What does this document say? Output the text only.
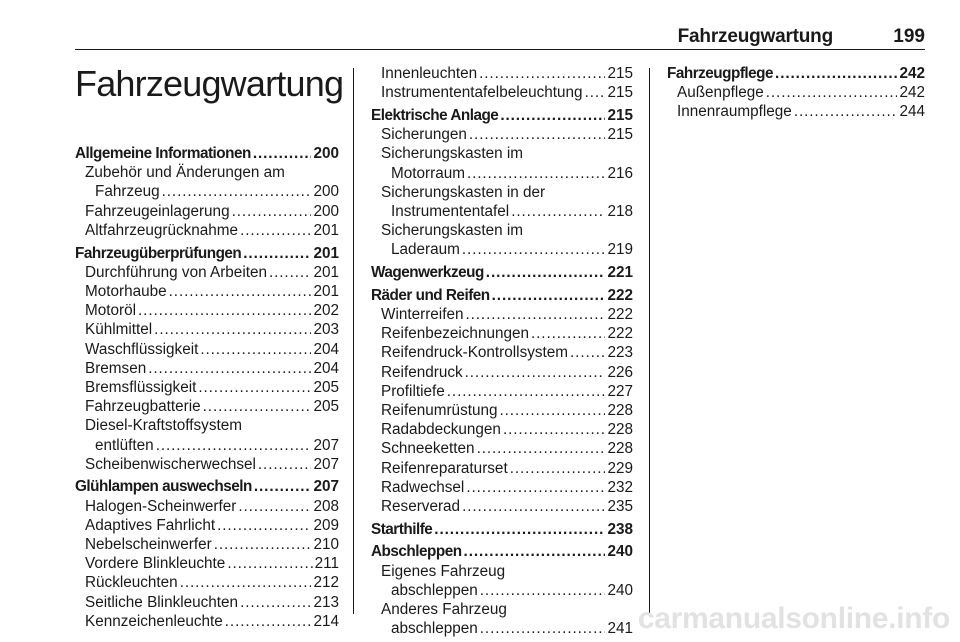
Fahrzeugwartung	199
Fahrzeugwartung
Allgemeine Informationen .....	200
Zubehör und Änderungen am
Fahrzeug .....	200
Fahrzeugeinlagerung .....	200
Altfahrzeugrücknahme .....	201
Fahrzeugüberprüfungen .....	201
Durchführung von Arbeiten .....	201
Motorhaube .....	201
Motoröl .....	202
Kühlmittel .....	203
Waschflüssigkeit .....	204
Bremsen .....	204
Bremsflüssigkeit .....	205
Fahrzeugbatterie .....	205
Diesel-Kraftstoffsystem
entlüften .....	207
Scheibenwischerwechsel .....	207
Glühlampen auswechseln .....	207
Halogen-Scheinwerfer .....	208
Adaptives Fahrlicht .....	209
Nebelscheinwerfer .....	210
Vordere Blinkleuchte .....	211
Rückleuchten .....	212
Seitliche Blinkleuchten .....	213
Kennzeichenleuchte .....	214
Innenleuchten .....	215
Instrumententafelbeleuchtung ..... 215
Elektrische Anlage .....	215
Sicherungen .....	215
Sicherungskasten im
Motorraum .....	216
Sicherungskasten in der
Instrumententafel .....	218
Sicherungskasten im
Laderaum .....	219
Wagenwerkzeug .....	221
Räder und Reifen .....	222
Winterreifen .....	222
Reifenbezeichnungen .....	222
Reifendruck-Kontrollsystem .....	223
Reifendruck .....	226
Profiltiefe .....	227
Reifenumrüstung .....	228
Radabdeckungen .....	228
Schneeketten .....	228
Reifenreparaturset .....	229
Radwechsel .....	232
Reserverad .....	235
Starthilfe .....	238
Abschleppen .....	240
Eigenes Fahrzeug
abschleppen .....	240
Anderes Fahrzeug
abschleppen .....	241
Fahrzeugpflege .....	242
Außenpflege .....	242
Innenraumpflege .....	244
carmanualsonline.info
